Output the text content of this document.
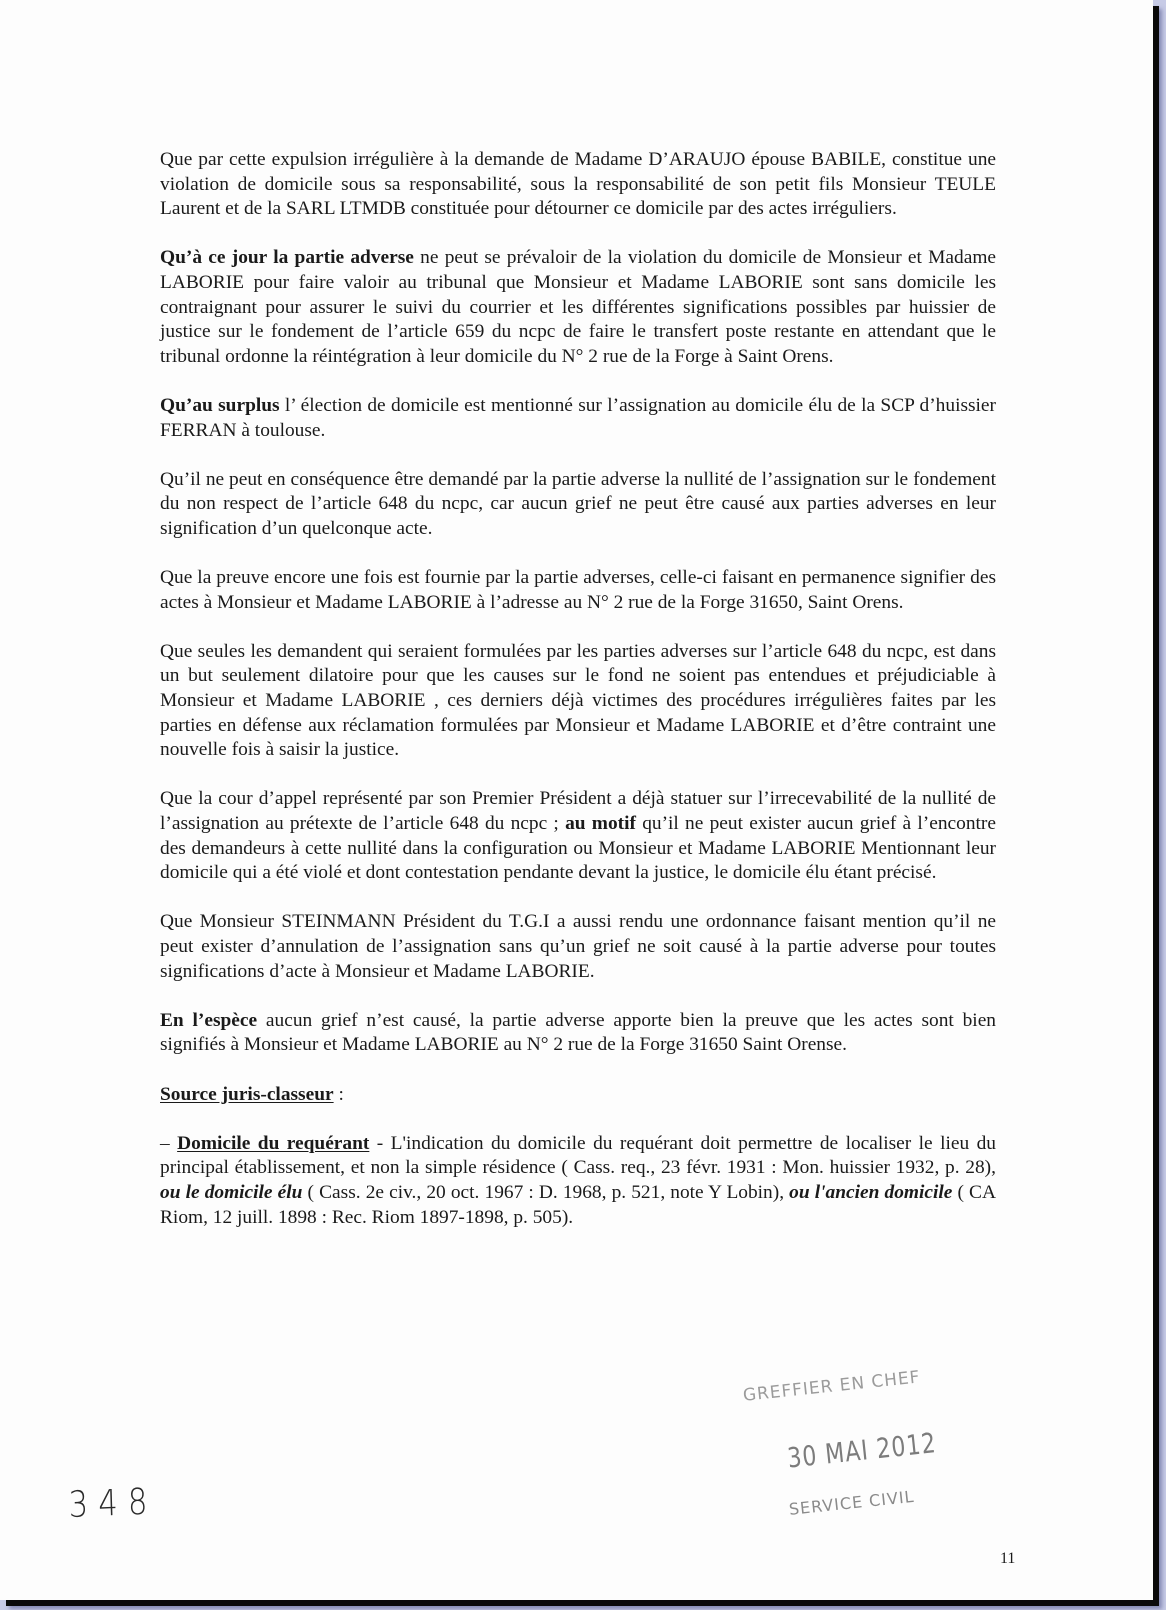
Que par cette expulsion irrégulière à la demande de Madame D’ARAUJO épouse BABILE, constitue une violation de domicile sous sa responsabilité, sous la responsabilité de son petit fils Monsieur TEULE Laurent et de la SARL LTMDB constituée pour détourner ce domicile par des actes irréguliers.

Qu’à ce jour la partie adverse ne peut se prévaloir de la violation du domicile de Monsieur et Madame LABORIE pour faire valoir au tribunal que Monsieur et Madame LABORIE sont sans domicile les contraignant pour assurer le suivi du courrier et les différentes significations possibles par huissier de justice sur le fondement de l’article 659 du ncpc de faire le transfert poste restante en attendant que le tribunal ordonne la réintégration à leur domicile du N° 2 rue de la Forge à Saint Orens.

Qu’au surplus l’ élection de domicile est mentionné sur l’assignation au domicile élu de la SCP d’huissier FERRAN à toulouse.

Qu’il ne peut en conséquence être demandé par la partie adverse la nullité de l’assignation sur le fondement du non respect de l’article 648 du ncpc, car aucun grief ne peut être causé aux parties adverses en leur signification d’un quelconque acte.

Que la preuve encore une fois est fournie par la partie adverses, celle-ci faisant en permanence signifier des actes à Monsieur et Madame LABORIE à l’adresse au N° 2 rue de la Forge 31650, Saint Orens.

Que seules les demandent qui seraient formulées par les parties adverses sur l’article 648 du ncpc, est dans un but seulement dilatoire pour que les causes sur le fond ne soient pas entendues et préjudiciable à Monsieur et Madame LABORIE , ces derniers déjà victimes des procédures irrégulières faites par les parties en défense aux réclamation formulées par Monsieur et Madame LABORIE et d’être contraint une nouvelle fois à saisir la justice.

Que la cour d’appel représenté par son Premier Président a déjà statuer sur l’irrecevabilité de la nullité de l’assignation au prétexte de l’article 648 du ncpc ; au motif qu’il ne peut exister aucun grief à l’encontre des demandeurs à cette nullité dans la configuration ou Monsieur et Madame LABORIE Mentionnant leur domicile qui a été violé et dont contestation pendante devant la justice, le domicile élu étant précisé.

Que Monsieur STEINMANN Président du T.G.I a aussi rendu une ordonnance faisant mention qu’il ne peut exister d’annulation de l’assignation sans qu’un grief ne soit causé à la partie adverse pour toutes significations d’acte à Monsieur et Madame LABORIE.

En l’espèce aucun grief n’est causé, la partie adverse apporte bien la preuve que les actes sont bien signifiés à Monsieur et Madame LABORIE au N° 2 rue de la Forge 31650 Saint Orense.

Source juris-classeur :

– Domicile du requérant - L'indication du domicile du requérant doit permettre de localiser le lieu du principal établissement, et non la simple résidence ( Cass. req., 23 févr. 1931 : Mon. huissier 1932, p. 28), ou le domicile élu ( Cass. 2e civ., 20 oct. 1967 : D. 1968, p. 521, note Y Lobin), ou l'ancien domicile ( CA Riom, 12 juill. 1898 : Rec. Riom 1897-1898, p. 505).

GREFFIER EN CHEF
30 MAI 2012
SERVICE CIVIL
348
11
